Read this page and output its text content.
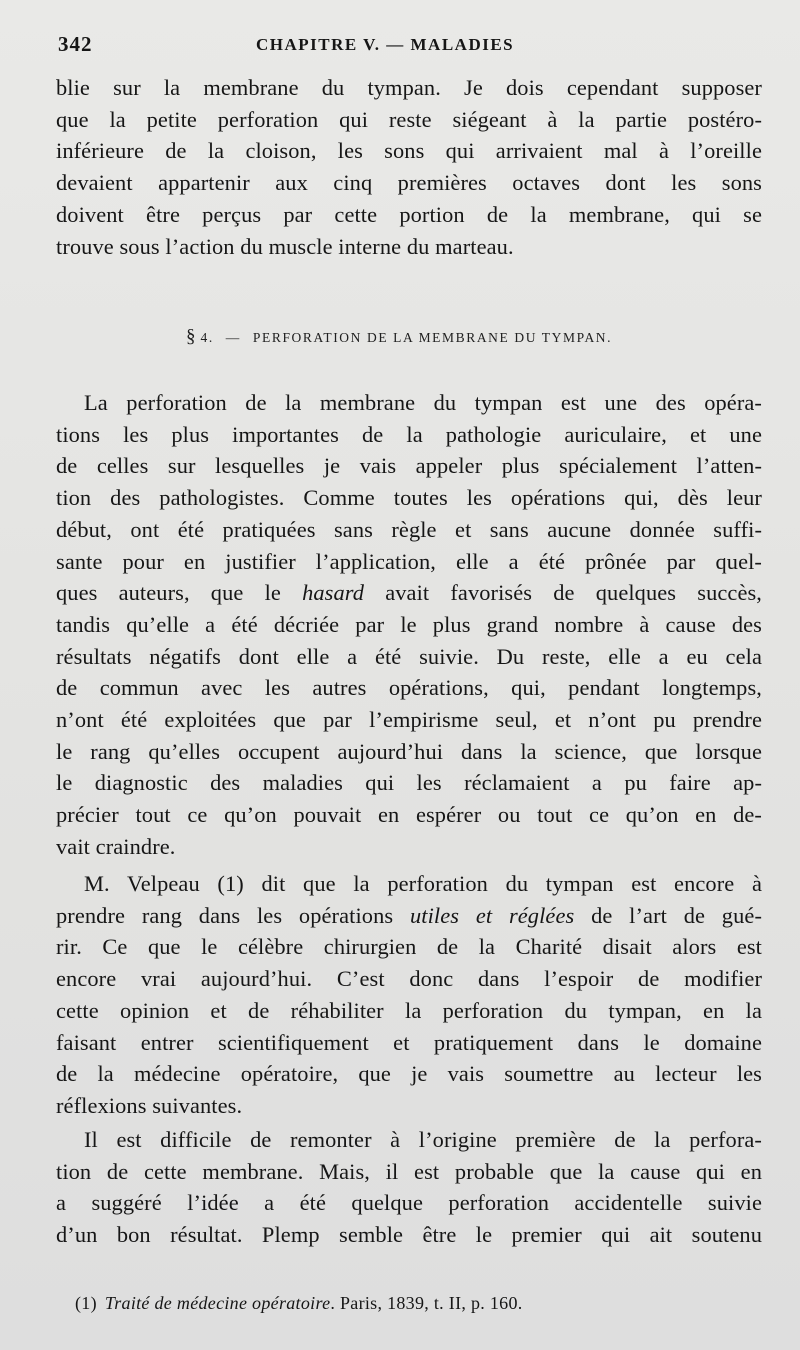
342	CHAPITRE V. — MALADIES

blie sur la membrane du tympan. Je dois cependant supposer
que la petite perforation qui reste siégeant à la partie postéro-
inférieure de la cloison, les sons qui arrivaient mal à l’oreille
devaient appartenir aux cinq premières octaves dont les sons
doivent être perçus par cette portion de la membrane, qui se
trouve sous l’action du muscle interne du marteau.

§ 4. — PERFORATION DE LA MEMBRANE DU TYMPAN.

La perforation de la membrane du tympan est une des opéra-
tions les plus importantes de la pathologie auriculaire, et une
de celles sur lesquelles je vais appeler plus spécialement l’atten-
tion des pathologistes. Comme toutes les opérations qui, dès leur
début, ont été pratiquées sans règle et sans aucune donnée suffi-
sante pour en justifier l’application, elle a été prônée par quel-
ques auteurs, que le hasard avait favorisés de quelques succès,
tandis qu’elle a été décriée par le plus grand nombre à cause des
résultats négatifs dont elle a été suivie. Du reste, elle a eu cela
de commun avec les autres opérations, qui, pendant longtemps,
n’ont été exploitées que par l’empirisme seul, et n’ont pu prendre
le rang qu’elles occupent aujourd’hui dans la science, que lorsque
le diagnostic des maladies qui les réclamaient a pu faire ap-
précier tout ce qu’on pouvait en espérer ou tout ce qu’on en de-
vait craindre.

M. Velpeau (1) dit que la perforation du tympan est encore à
prendre rang dans les opérations utiles et réglées de l’art de gué-
rir. Ce que le célèbre chirurgien de la Charité disait alors est
encore vrai aujourd’hui. C’est donc dans l’espoir de modifier
cette opinion et de réhabiliter la perforation du tympan, en la
faisant entrer scientifiquement et pratiquement dans le domaine
de la médecine opératoire, que je vais soumettre au lecteur les
réflexions suivantes.

Il est difficile de remonter à l’origine première de la perfora-
tion de cette membrane. Mais, il est probable que la cause qui en
a suggéré l’idée a été quelque perforation accidentelle suivie
d’un bon résultat. Plemp semble être le premier qui ait soutenu

(1) Traité de médecine opératoire. Paris, 1839, t. II, p. 160.
